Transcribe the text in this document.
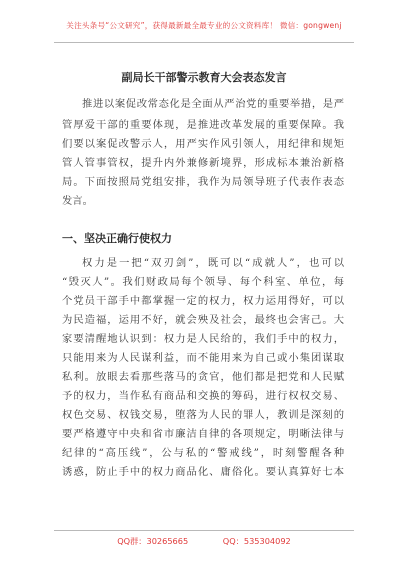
关注头条号“公文研究”，获得最新最全最专业的公文资料库！ 微信：gongwenj
副局长干部警示教育大会表态发言
推进以案促改常态化是全面从严治党的重要举措，是严
管厚爱干部的重要体现，是推进改革发展的重要保障。我
们要以案促改警示人，用严实作风引领人，用纪律和规矩
管人管事管权，提升内外兼修新境界，形成标本兼治新格
局。下面按照局党组安排，我作为局领导班子代表作表态
发言。
一、坚决正确行使权力
权力是一把“双刃剑”，既可以“成就人”，也可以
“毁灭人”。我们财政局每个领导、每个科室、单位，每
个党员干部手中都掌握一定的权力，权力运用得好，可以
为民造福，运用不好，就会殃及社会，最终也会害己。大
家要清醒地认识到：权力是人民给的，我们手中的权力，
只能用来为人民谋利益，而不能用来为自己或小集团谋取
私利。放眼去看那些落马的贪官，他们都是把党和人民赋
予的权力，当作私有商品和交换的筹码，进行权权交易、
权色交易、权钱交易，堕落为人民的罪人，教训是深刻的
要严格遵守中央和省市廉洁自律的各项规定，明晰法律与
纪律的“高压线”，公与私的“警戒线”，时刻警醒各种
诱惑，防止手中的权力商品化、庸俗化。要认真算好七本
QQ群：30265665	QQ：535304092
